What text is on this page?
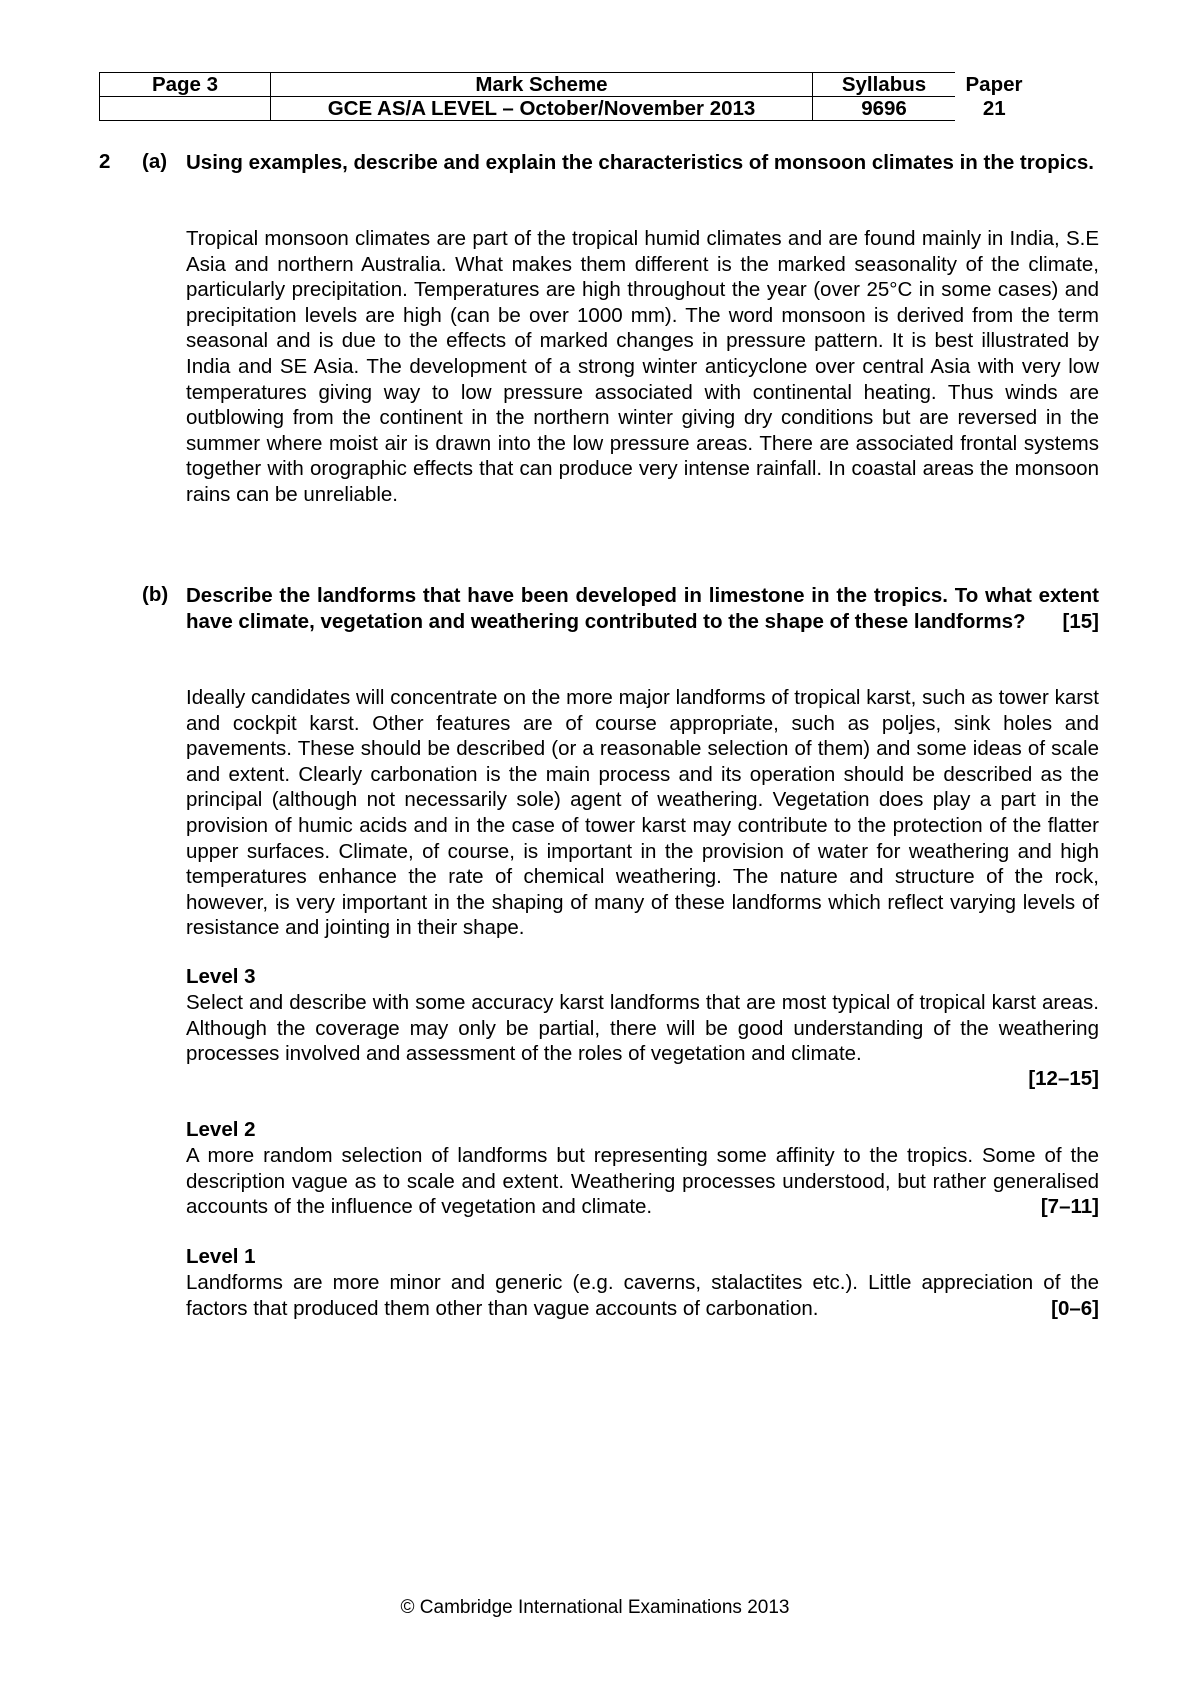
Page 3	Mark Scheme	Syllabus	Paper
	GCE AS/A LEVEL – October/November 2013	9696	21
2 (a) Using examples, describe and explain the characteristics of monsoon climates in the tropics.
Tropical monsoon climates are part of the tropical humid climates and are found mainly in India, S.E Asia and northern Australia. What makes them different is the marked seasonality of the climate, particularly precipitation. Temperatures are high throughout the year (over 25°C in some cases) and precipitation levels are high (can be over 1000 mm). The word monsoon is derived from the term seasonal and is due to the effects of marked changes in pressure pattern. It is best illustrated by India and SE Asia. The development of a strong winter anticyclone over central Asia with very low temperatures giving way to low pressure associated with continental heating. Thus winds are outblowing from the continent in the northern winter giving dry conditions but are reversed in the summer where moist air is drawn into the low pressure areas. There are associated frontal systems together with orographic effects that can produce very intense rainfall. In coastal areas the monsoon rains can be unreliable.
(b) Describe the landforms that have been developed in limestone in the tropics. To what extent have climate, vegetation and weathering contributed to the shape of these landforms? [15]
Ideally candidates will concentrate on the more major landforms of tropical karst, such as tower karst and cockpit karst. Other features are of course appropriate, such as poljes, sink holes and pavements. These should be described (or a reasonable selection of them) and some ideas of scale and extent. Clearly carbonation is the main process and its operation should be described as the principal (although not necessarily sole) agent of weathering. Vegetation does play a part in the provision of humic acids and in the case of tower karst may contribute to the protection of the flatter upper surfaces. Climate, of course, is important in the provision of water for weathering and high temperatures enhance the rate of chemical weathering. The nature and structure of the rock, however, is very important in the shaping of many of these landforms which reflect varying levels of resistance and jointing in their shape.
Level 3
Select and describe with some accuracy karst landforms that are most typical of tropical karst areas. Although the coverage may only be partial, there will be good understanding of the weathering processes involved and assessment of the roles of vegetation and climate.
[12–15]
Level 2
A more random selection of landforms but representing some affinity to the tropics. Some of the description vague as to scale and extent. Weathering processes understood, but rather generalised accounts of the influence of vegetation and climate.	[7–11]
Level 1
Landforms are more minor and generic (e.g. caverns, stalactites etc.). Little appreciation of the factors that produced them other than vague accounts of carbonation.	[0–6]
© Cambridge International Examinations 2013
